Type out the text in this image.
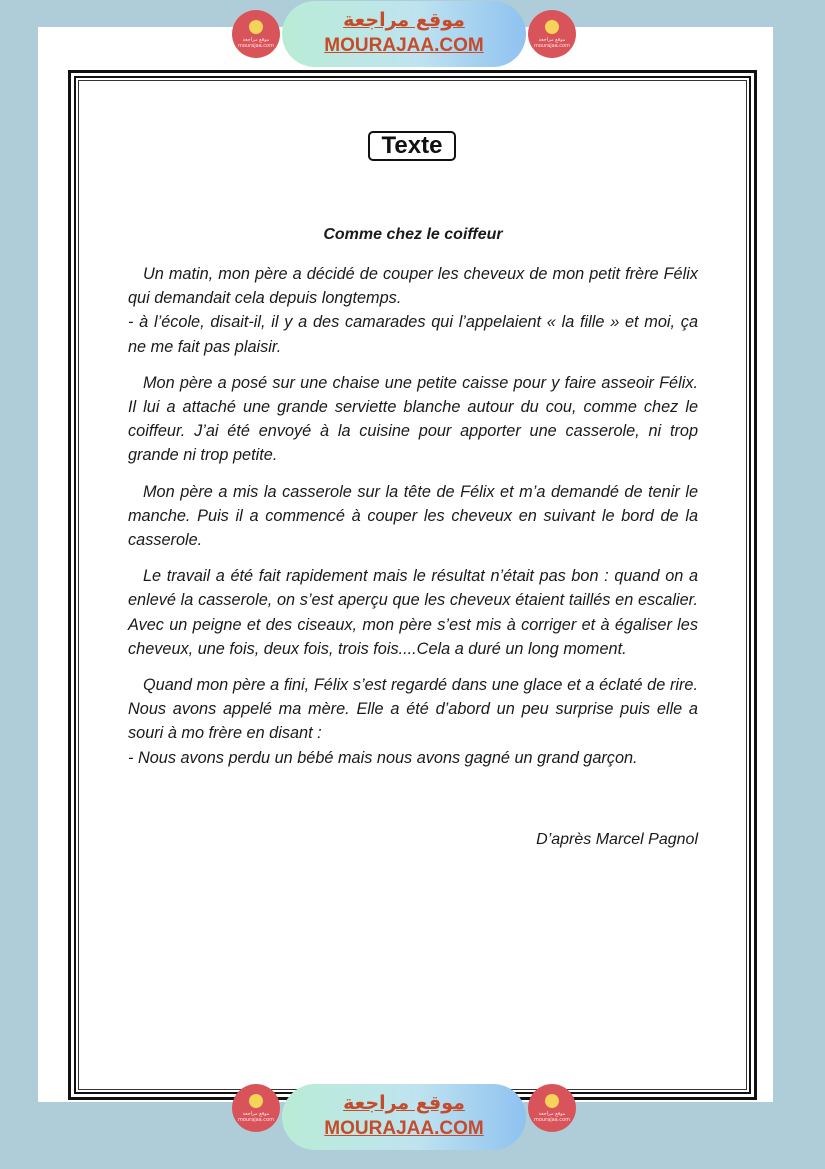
موقع مراجعة mourajaa.com
موقع مراجعة
MOURAJAA.COM	موقع مراجعة mourajaa.com
Texte
Comme chez le coiffeur

Un matin, mon père a décidé de couper les cheveux de mon petit frère Félix qui demandait cela depuis longtemps.
- à l’école, disait-il, il y a des camarades qui l’appelaient « la fille » et moi, ça ne me fait pas plaisir.

Mon père a posé sur une chaise une petite caisse pour y faire asseoir Félix. Il lui a attaché une grande serviette blanche autour du cou, comme chez le coiffeur. J’ai été envoyé à la cuisine pour apporter une casserole, ni trop grande ni trop petite.

Mon père a mis la casserole sur la tête de Félix et m’a demandé de tenir le manche. Puis il a commencé à couper les cheveux en suivant le bord de la casserole.

Le travail a été fait rapidement mais le résultat n’était pas bon : quand on a enlevé la casserole, on s’est aperçu que les cheveux étaient taillés en escalier. Avec un peigne et des ciseaux, mon père s’est mis à corriger et à égaliser les cheveux, une fois, deux fois, trois fois....Cela a duré un long moment.

Quand mon père a fini, Félix s’est regardé dans une glace et a éclaté de rire. Nous avons appelé ma mère. Elle a été d’abord un peu surprise puis elle a souri à mo frère en disant :
- Nous avons perdu un bébé mais nous avons gagné un grand garçon.

D’après Marcel Pagnol
موقع مراجعة mourajaa.com
موقع مراجعة
MOURAJAA.COM
موقع مراجعة mourajaa.com
